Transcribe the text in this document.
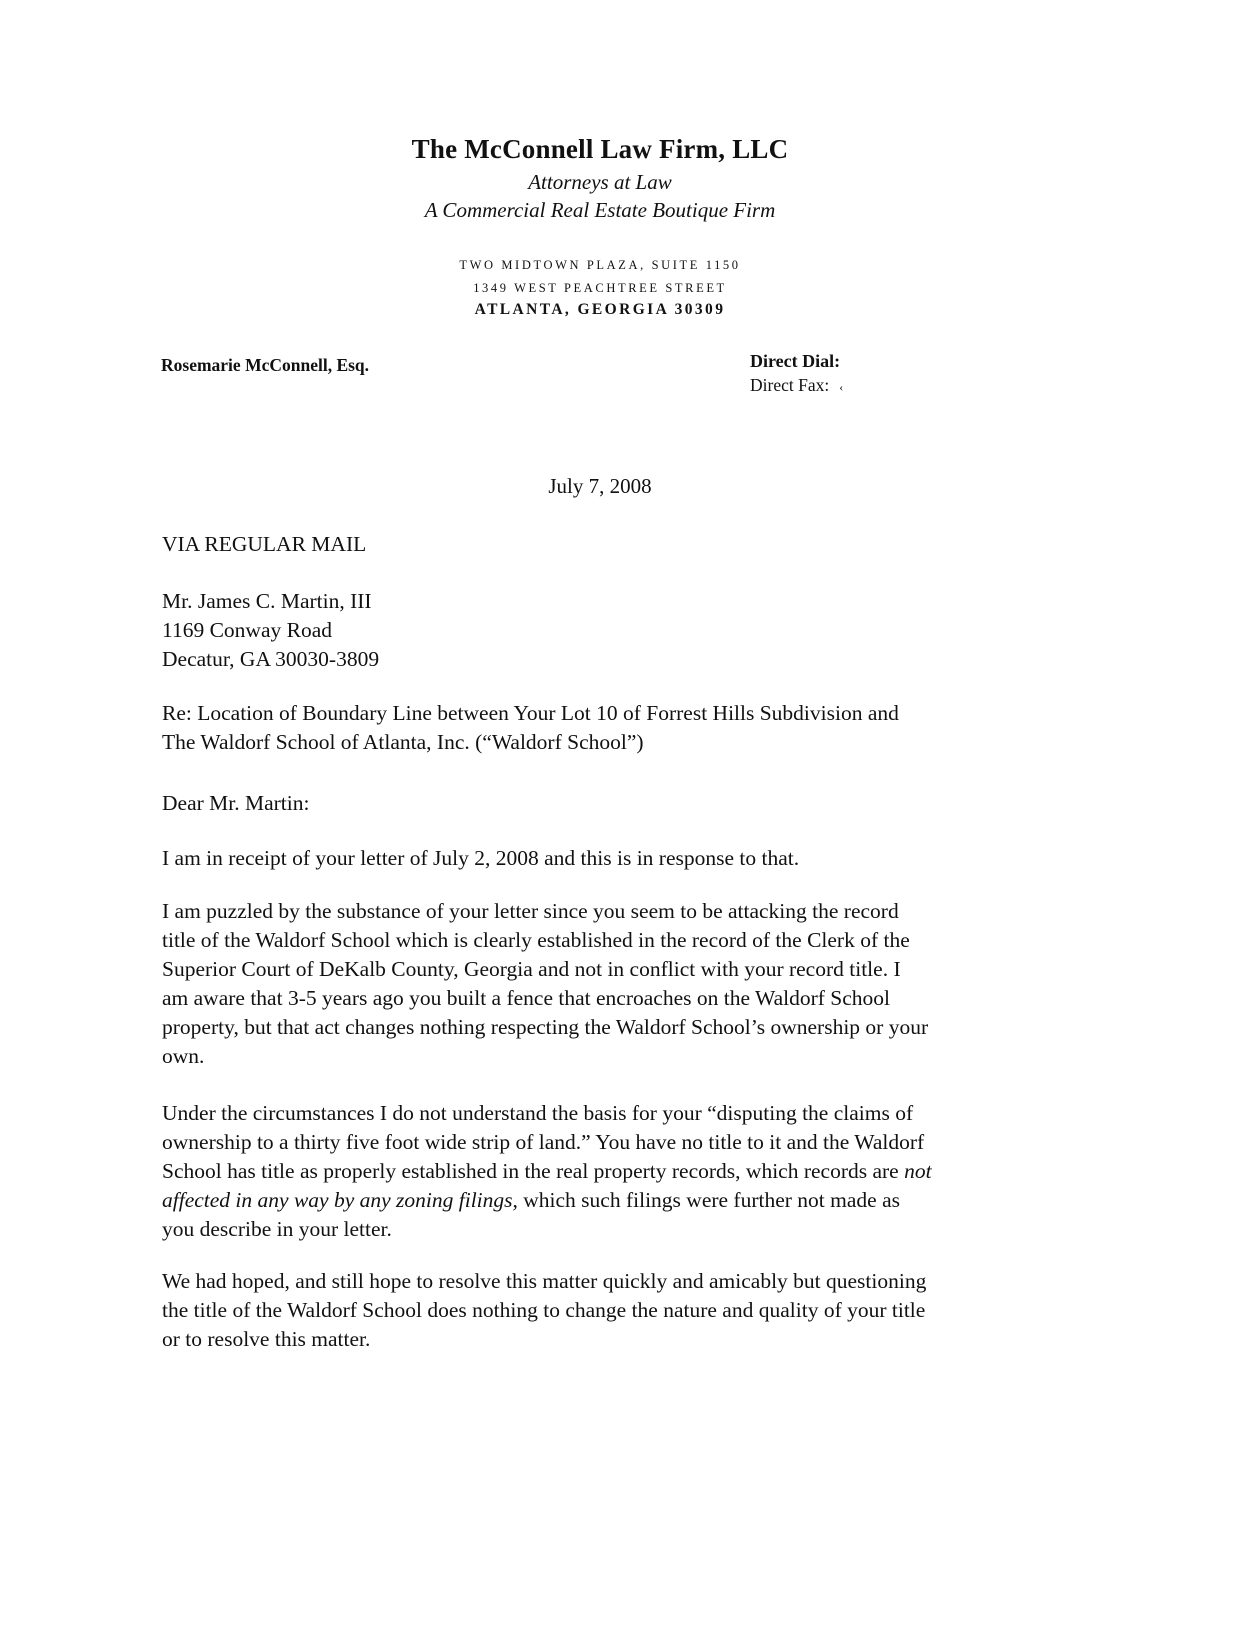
The McConnell Law Firm, LLC
Attorneys at Law
A Commercial Real Estate Boutique Firm
TWO MIDTOWN PLAZA, SUITE 1150
1349 WEST PEACHTREE STREET
ATLANTA, GEORGIA 30309
Rosemarie McConnell, Esq.	Direct Dial:
Direct Fax: ‹
July 7, 2008
VIA REGULAR MAIL
Mr. James C. Martin, III
1169 Conway Road
Decatur, GA 30030-3809
Re: Location of Boundary Line between Your Lot 10 of Forrest Hills Subdivision and
The Waldorf School of Atlanta, Inc. (“Waldorf School”)
Dear Mr. Martin:
I am in receipt of your letter of July 2, 2008 and this is in response to that.
I am puzzled by the substance of your letter since you seem to be attacking the record
title of the Waldorf School which is clearly established in the record of the Clerk of the
Superior Court of DeKalb County, Georgia and not in conflict with your record title. I
am aware that 3-5 years ago you built a fence that encroaches on the Waldorf School
property, but that act changes nothing respecting the Waldorf School’s ownership or your
own.
Under the circumstances I do not understand the basis for your “disputing the claims of
ownership to a thirty five foot wide strip of land.” You have no title to it and the Waldorf
School has title as properly established in the real property records, which records are not
affected in any way by any zoning filings, which such filings were further not made as
you describe in your letter.
We had hoped, and still hope to resolve this matter quickly and amicably but questioning
the title of the Waldorf School does nothing to change the nature and quality of your title
or to resolve this matter.
